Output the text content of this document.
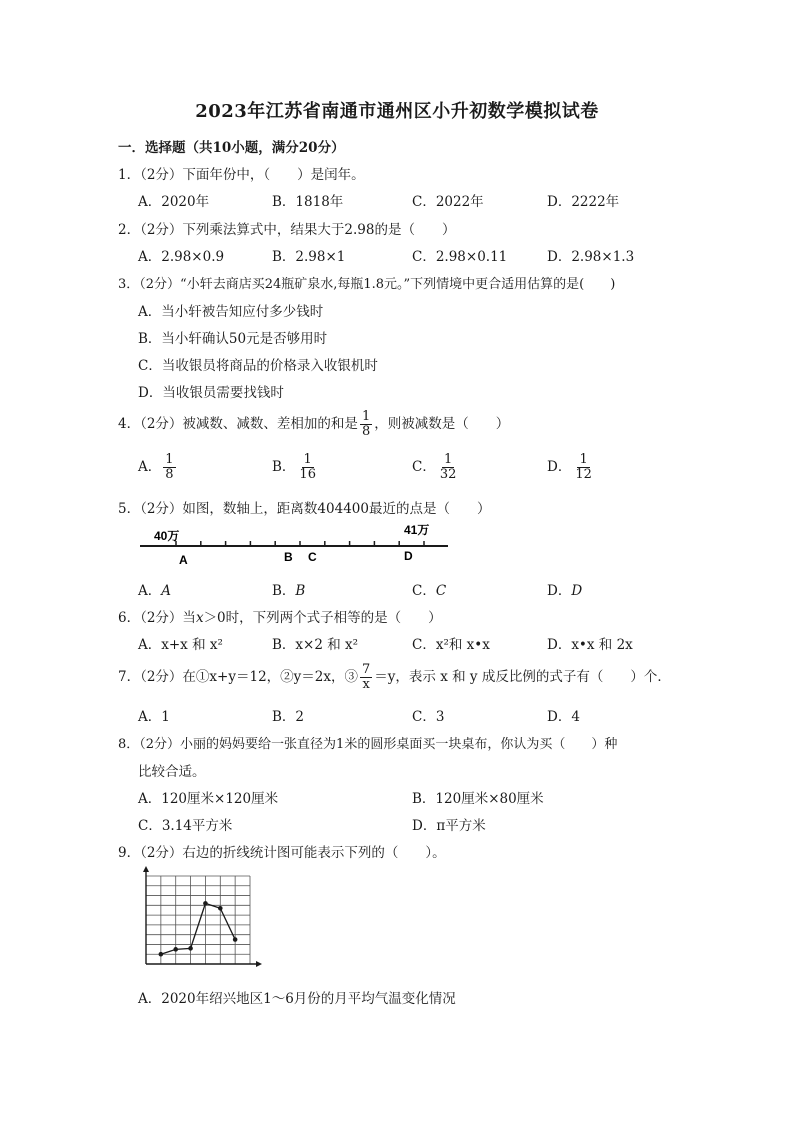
2023年江苏省南通市通州区小升初数学模拟试卷
一．选择题（共10小题，满分20分）
1．（2分）下面年份中，（　　）是闰年。
A．2020年	B．1818年	C．2022年	D．2222年
2．（2分）下列乘法算式中，结果大于2.98的是（　　）
A．2.98×0.9	B．2.98×1	C．2.98×0.11	D．2.98×1.3
3．（2分）“小轩去商店买24瓶矿泉水,每瓶1.8元。”下列情境中更合适用估算的是(　　)
A．当小轩被告知应付多少钱时
B．当小轩确认50元是否够用时
C．当收银员将商品的价格录入收银机时
D．当收银员需要找钱时
4．（2分）被减数、减数、差相加的和是 $\frac{1}{8}$ ，则被减数是（　　）
A． $\frac{1}{8}$	B． $\frac{1}{16}$	C． $\frac{1}{32}$	D． $\frac{1}{12}$
5．（2分）如图，数轴上，距离数404400最近的点是（　　）
40万	41万
A	B C	D
A．A	B．B	C．C	D．D
6．（2分）当x＞0时，下列两个式子相等的是（　　）
A．x+x 和 x²	B．x×2 和 x²	C．x²和 x•x	D．x•x 和 2x
7．（2分）在①x+y＝12，②y＝2x，③ $\frac{7}{x} =y$，表示 x 和 y 成反比例的式子有（　　）个．
A．1	B．2	C．3	D．4
8．（2分）小丽的妈妈要给一张直径为1米的圆形桌面买一块桌布，你认为买（　　）种
比较合适。
A．120厘米×120厘米	B．120厘米×80厘米
C．3.14平方米	D．π平方米
9．（2分）右边的折线统计图可能表示下列的（　　）。
A．2020年绍兴地区1～6月份的月平均气温变化情况
